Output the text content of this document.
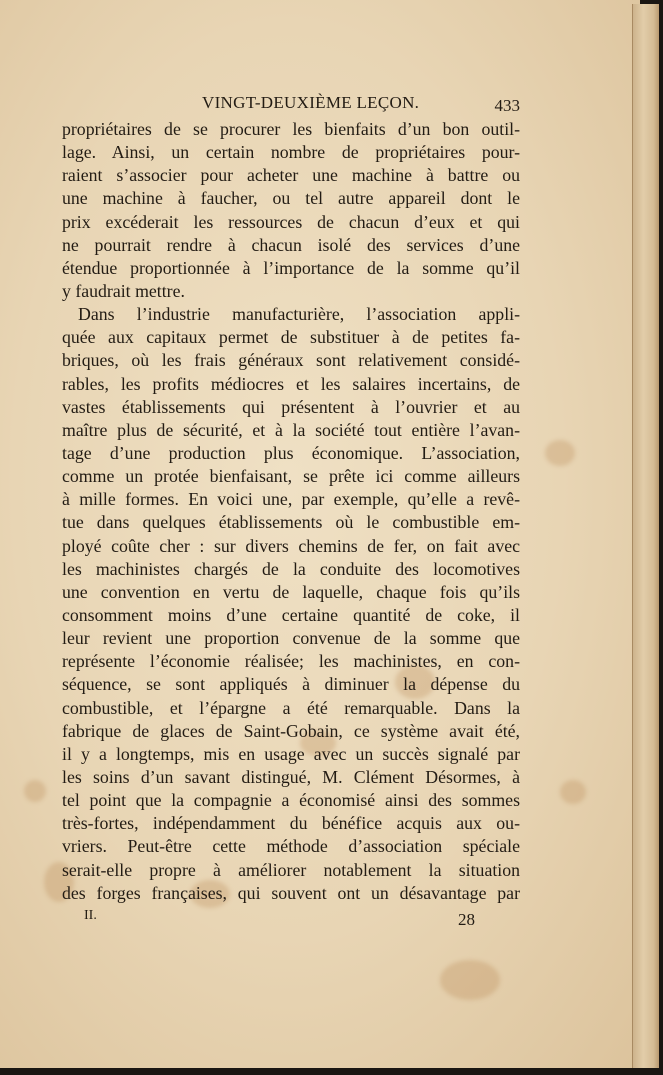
VINGT-DEUXIÈME LEÇON.	433
propriétaires de se procurer les bienfaits d’un bon outil-
lage. Ainsi, un certain nombre de propriétaires pour-
raient s’associer pour acheter une machine à battre ou
une machine à faucher, ou tel autre appareil dont le
prix excéderait les ressources de chacun d’eux et qui
ne pourrait rendre à chacun isolé des services d’une
étendue proportionnée à l’importance de la somme qu’il
y faudrait mettre.
Dans l’industrie manufacturière, l’association appli-
quée aux capitaux permet de substituer à de petites fa-
briques, où les frais généraux sont relativement considé-
rables, les profits médiocres et les salaires incertains, de
vastes établissements qui présentent à l’ouvrier et au
maître plus de sécurité, et à la société tout entière l’avan-
tage d’une production plus économique. L’association,
comme un protée bienfaisant, se prête ici comme ailleurs
à mille formes. En voici une, par exemple, qu’elle a revê-
tue dans quelques établissements où le combustible em-
ployé coûte cher : sur divers chemins de fer, on fait avec
les machinistes chargés de la conduite des locomotives
une convention en vertu de laquelle, chaque fois qu’ils
consomment moins d’une certaine quantité de coke, il
leur revient une proportion convenue de la somme que
représente l’économie réalisée; les machinistes, en con-
séquence, se sont appliqués à diminuer la dépense du
combustible, et l’épargne a été remarquable. Dans la
fabrique de glaces de Saint-Gobain, ce système avait été,
il y a longtemps, mis en usage avec un succès signalé par
les soins d’un savant distingué, M. Clément Désormes, à
tel point que la compagnie a économisé ainsi des sommes
très-fortes, indépendamment du bénéfice acquis aux ou-
vriers. Peut-être cette méthode d’association spéciale
serait-elle propre à améliorer notablement la situation
des forges françaises, qui souvent ont un désavantage par
II.	28
